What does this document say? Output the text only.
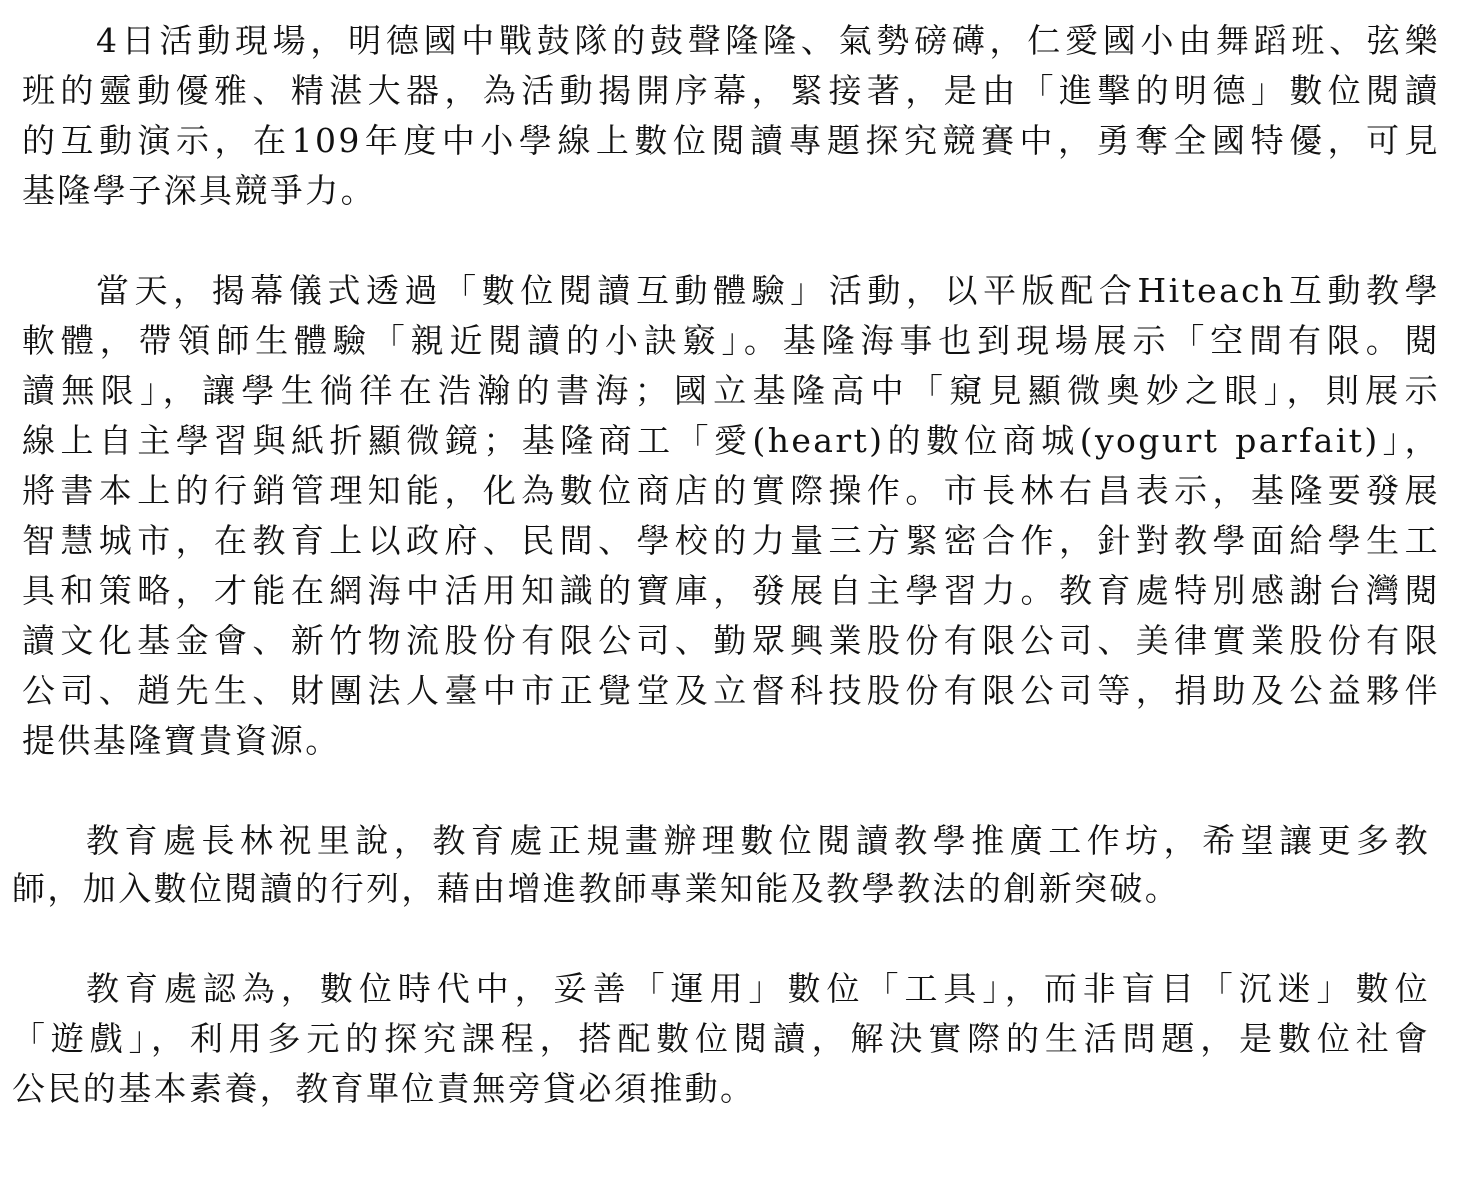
4日活動現場，明德國中戰鼓隊的鼓聲隆隆、氣勢磅礡，仁愛國小由舞蹈班、弦樂

班的靈動優雅、精湛大器，為活動揭開序幕，緊接著，是由「進擊的明德」數位閱讀

的互動演示，在109年度中小學線上數位閱讀專題探究競賽中，勇奪全國特優，可見

基隆學子深具競爭力。

當天，揭幕儀式透過「數位閱讀互動體驗」活動，以平版配合Hiteach互動教學

軟體，帶領師生體驗「親近閱讀的小訣竅」。基隆海事也到現場展示「空間有限。閱

讀無限」，讓學生徜徉在浩瀚的書海；國立基隆高中「窺見顯微奧妙之眼」，則展示

線上自主學習與紙折顯微鏡；基隆商工「愛(heart)的數位商城(yogurt parfait)」，

將書本上的行銷管理知能，化為數位商店的實際操作。市長林右昌表示，基隆要發展

智慧城市，在教育上以政府、民間、學校的力量三方緊密合作，針對教學面給學生工

具和策略，才能在網海中活用知識的寶庫，發展自主學習力。教育處特別感謝台灣閱

讀文化基金會、新竹物流股份有限公司、勤眾興業股份有限公司、美律實業股份有限

公司、趙先生、財團法人臺中市正覺堂及立督科技股份有限公司等，捐助及公益夥伴

提供基隆寶貴資源。

教育處長林祝里說，教育處正規畫辦理數位閱讀教學推廣工作坊，希望讓更多教

師，加入數位閱讀的行列，藉由增進教師專業知能及教學教法的創新突破。

教育處認為，數位時代中，妥善「運用」數位「工具」，而非盲目「沉迷」數位

「遊戲」，利用多元的探究課程，搭配數位閱讀，解決實際的生活問題，是數位社會

公民的基本素養，教育單位責無旁貸必須推動。
